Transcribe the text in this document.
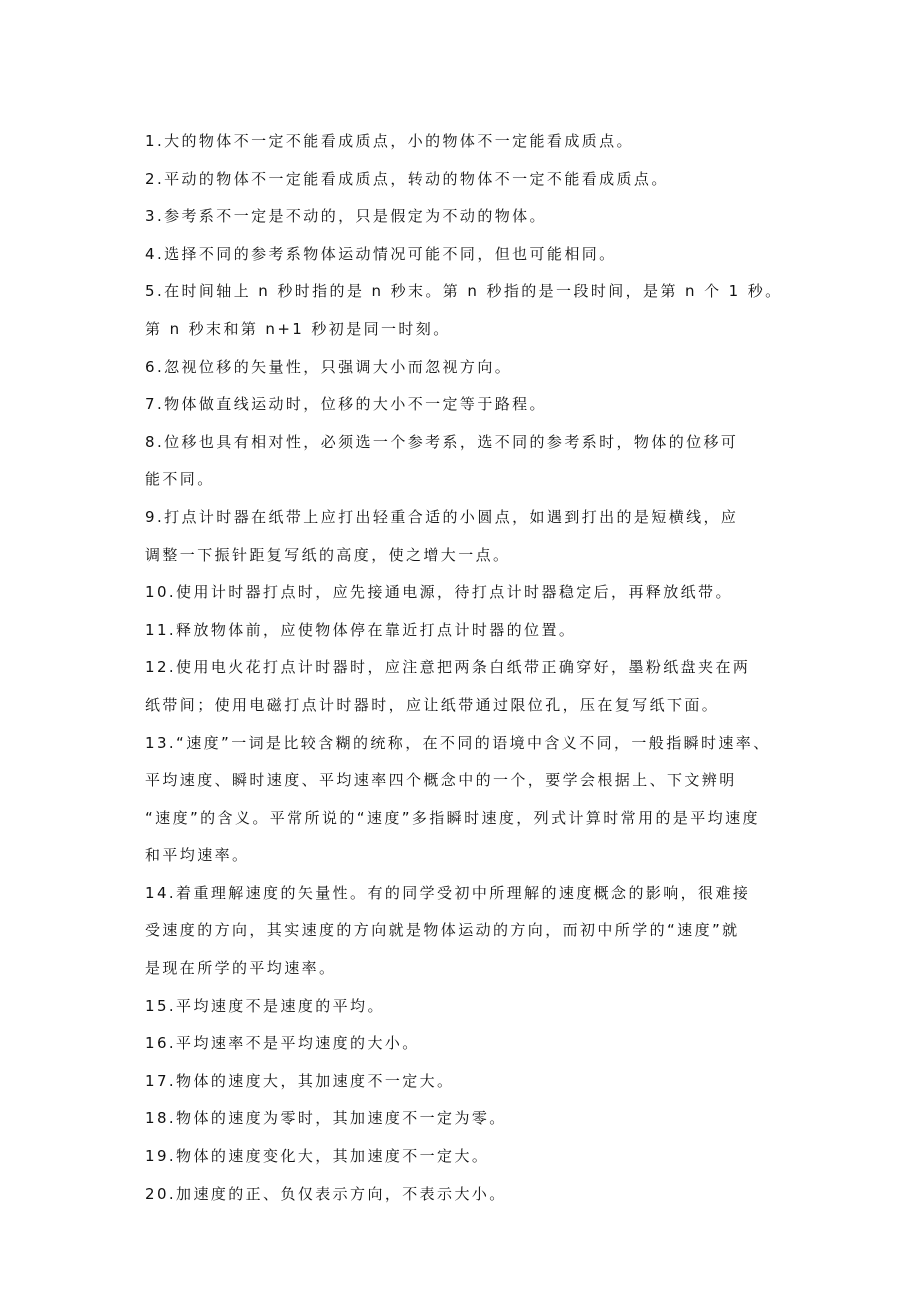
1.大的物体不一定不能看成质点，小的物体不一定能看成质点。
2.平动的物体不一定能看成质点，转动的物体不一定不能看成质点。
3.参考系不一定是不动的，只是假定为不动的物体。
4.选择不同的参考系物体运动情况可能不同，但也可能相同。
5.在时间轴上 n 秒时指的是 n 秒末。第 n 秒指的是一段时间，是第 n 个 1 秒。
第 n 秒末和第 n+1 秒初是同一时刻。
6.忽视位移的矢量性，只强调大小而忽视方向。
7.物体做直线运动时，位移的大小不一定等于路程。
8.位移也具有相对性，必须选一个参考系，选不同的参考系时，物体的位移可
能不同。
9.打点计时器在纸带上应打出轻重合适的小圆点，如遇到打出的是短横线，应
调整一下振针距复写纸的高度，使之增大一点。
10.使用计时器打点时，应先接通电源，待打点计时器稳定后，再释放纸带。
11.释放物体前，应使物体停在靠近打点计时器的位置。
12.使用电火花打点计时器时，应注意把两条白纸带正确穿好，墨粉纸盘夹在两
纸带间；使用电磁打点计时器时，应让纸带通过限位孔，压在复写纸下面。
13.“速度”一词是比较含糊的统称，在不同的语境中含义不同，一般指瞬时速率、
平均速度、瞬时速度、平均速率四个概念中的一个，要学会根据上、下文辨明
“速度”的含义。平常所说的“速度”多指瞬时速度，列式计算时常用的是平均速度
和平均速率。
14.着重理解速度的矢量性。有的同学受初中所理解的速度概念的影响，很难接
受速度的方向，其实速度的方向就是物体运动的方向，而初中所学的“速度”就
是现在所学的平均速率。
15.平均速度不是速度的平均。
16.平均速率不是平均速度的大小。
17.物体的速度大，其加速度不一定大。
18.物体的速度为零时，其加速度不一定为零。
19.物体的速度变化大，其加速度不一定大。
20.加速度的正、负仅表示方向，不表示大小。
